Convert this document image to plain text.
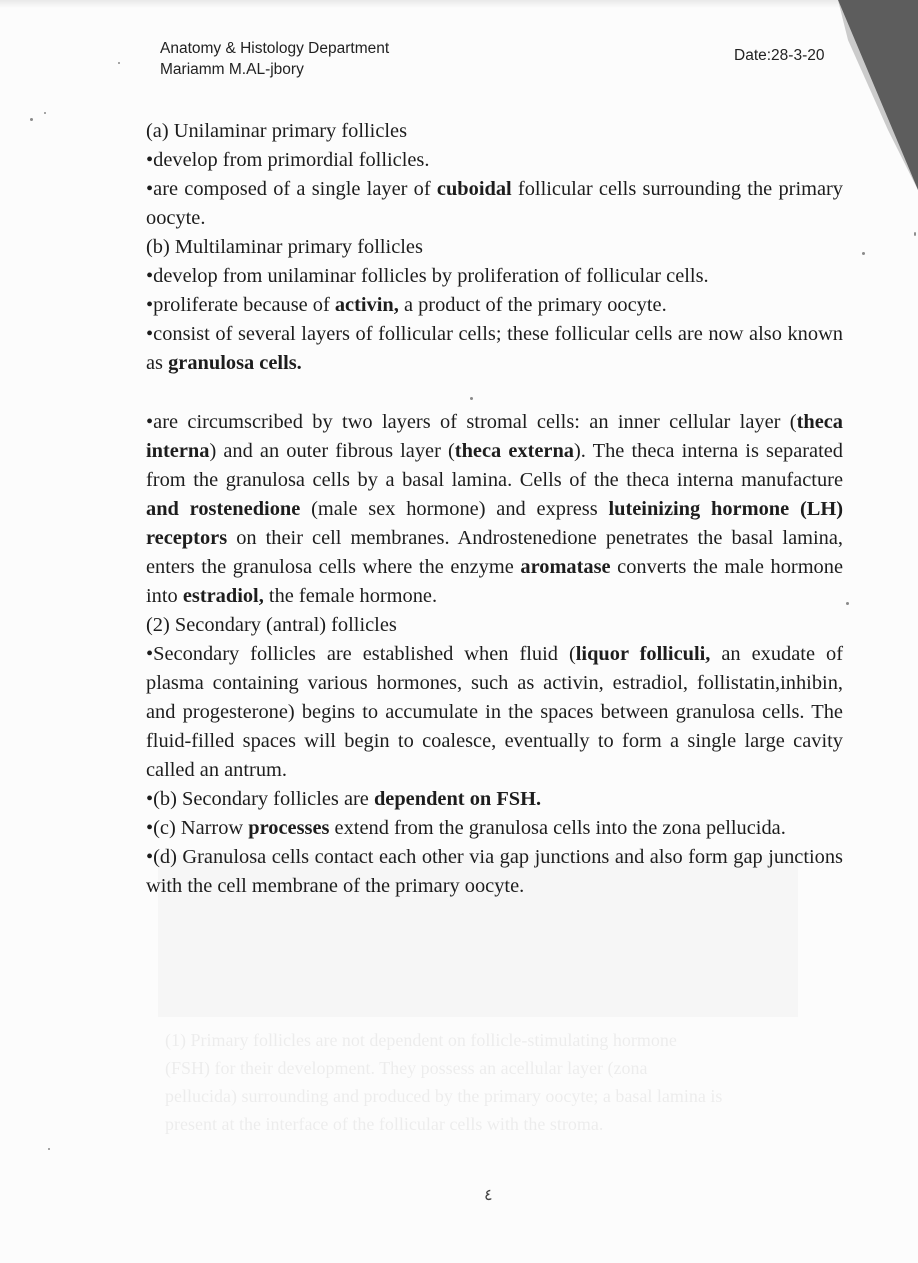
(1) Primary follicles are not dependent on follicle-stimulating hormone
(FSH) for their development. They possess an acellular layer (zona
pellucida) surrounding and produced by the primary oocyte; a basal lamina is
present at the interface of the follicular cells with the stroma.
Anatomy & Histology Department
Mariamm M.AL-jbory
Date:28-3-20

(a) Unilaminar primary follicles

•develop from primordial follicles.

•are composed of a single layer of cuboidal follicular cells surrounding the primary oocyte.

(b) Multilaminar primary follicles

•develop from unilaminar follicles by proliferation of follicular cells.

•proliferate because of activin, a product of the primary oocyte.

•consist of several layers of follicular cells; these follicular cells are now also known as granulosa cells.

•are circumscribed by two layers of stromal cells: an inner cellular layer (theca interna) and an outer fibrous layer (theca externa). The theca interna is separated from the granulosa cells by a basal lamina. Cells of the theca interna manufacture and rostenedione (male sex hormone) and express luteinizing hormone (LH) receptors on their cell membranes. Androstenedione penetrates the basal lamina, enters the granulosa cells where the enzyme aromatase converts the male hormone into estradiol, the female hormone.

(2) Secondary (antral) follicles

•Secondary follicles are established when fluid (liquor folliculi, an exudate of plasma containing various hormones, such as activin, estradiol, follistatin,inhibin, and progesterone) begins to accumulate in the spaces between granulosa cells. The fluid-filled spaces will begin to coalesce, eventually to form a single large cavity called an antrum.

•(b) Secondary follicles are dependent on FSH.

•(c) Narrow processes extend from the granulosa cells into the zona pellucida.

•(d) Granulosa cells contact each other via gap junctions and also form gap junctions with the cell membrane of the primary oocyte.

٤
